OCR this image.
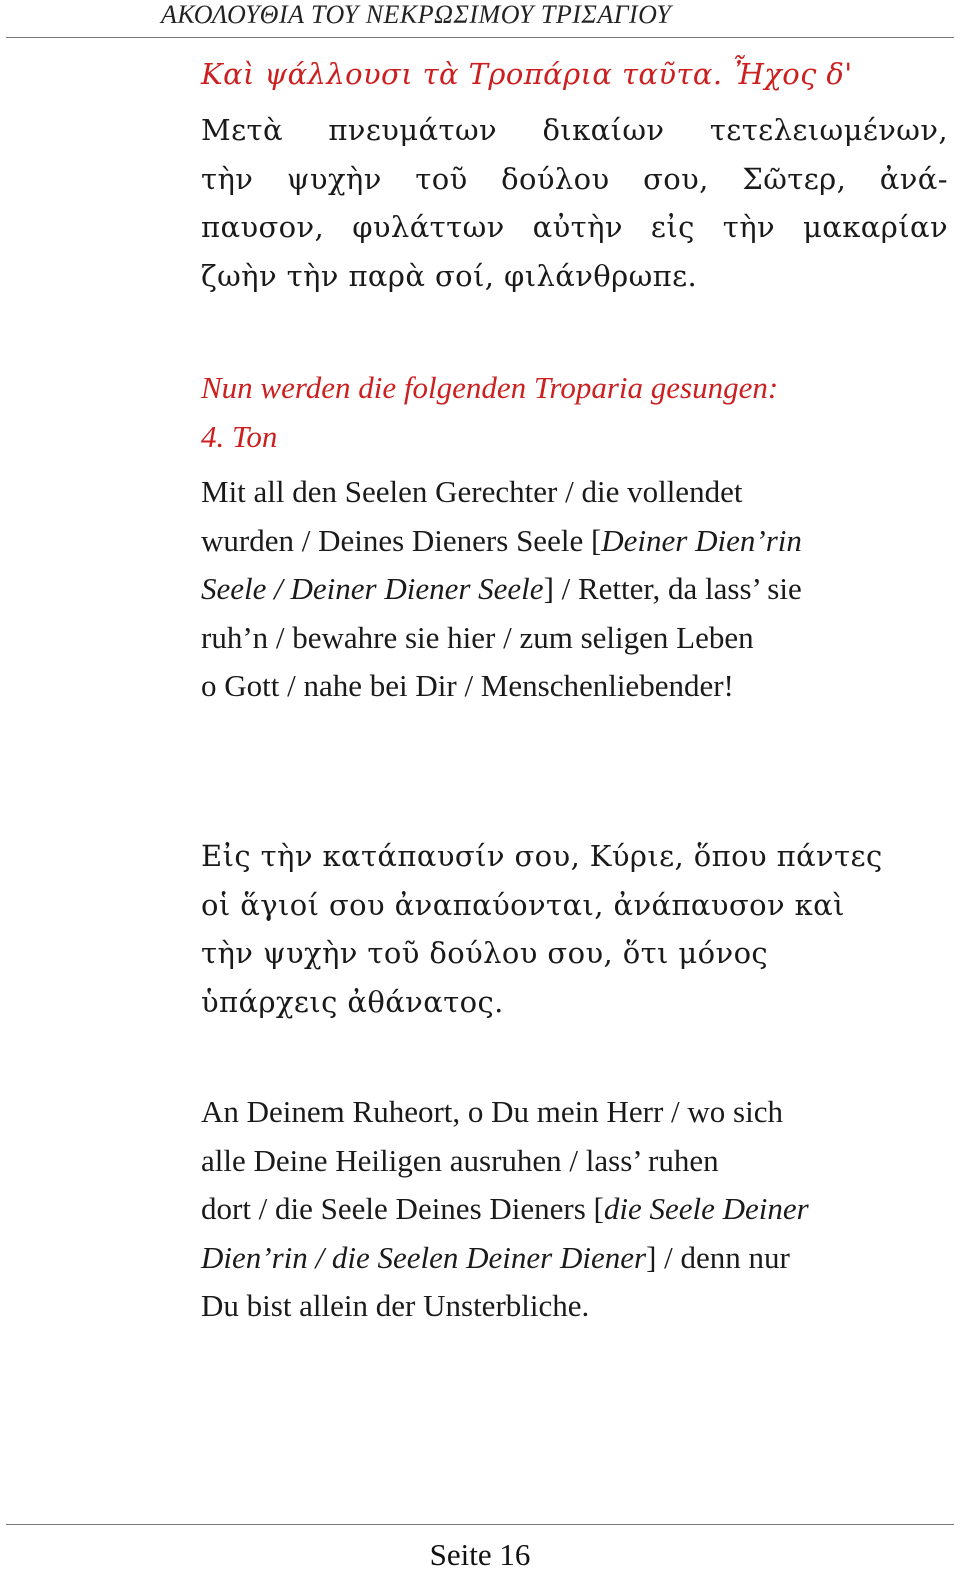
ΑΚΟΛΟΥΘΙΑ ΤΟΥ ΝΕΚΡΩΣΙΜΟΥ ΤΡΙΣΑΓΙΟΥ
Καὶ ψάλλουσι τὰ Τροπάρια ταῦτα. Ἦχος δ'
Μετὰ πνευμάτων δικαίων τετελειωμένων,
τὴν ψυχὴν τοῦ δούλου σου, Σῶτερ, ἀνά-
παυσον, φυλάττων αὐτὴν εἰς τὴν μακαρίαν
ζωὴν τὴν παρὰ σοί, φιλάνθρωπε.
Nun werden die folgenden Troparia gesungen:
4. Ton
Mit all den Seelen Gerechter / die vollendet
wurden / Deines Dieners Seele [Deiner Dien’rin
Seele / Deiner Diener Seele] / Retter, da lass’ sie
ruh’n / bewahre sie hier / zum seligen Leben
o Gott / nahe bei Dir / Menschenliebender!
Εἰς τὴν κατάπαυσίν σου, Κύριε, ὅπου πάντες
οἱ ἅγιοί σου ἀναπαύονται, ἀνάπαυσον καὶ
τὴν ψυχὴν τοῦ δούλου σου, ὅτι μόνος
ὑπάρχεις ἀθάνατος.
An Deinem Ruheort, o Du mein Herr / wo sich
alle Deine Heiligen ausruhen / lass’ ruhen
dort / die Seele Deines Dieners [die Seele Deiner
Dien’rin / die Seelen Deiner Diener] / denn nur
Du bist allein der Unsterbliche.
Seite 16
